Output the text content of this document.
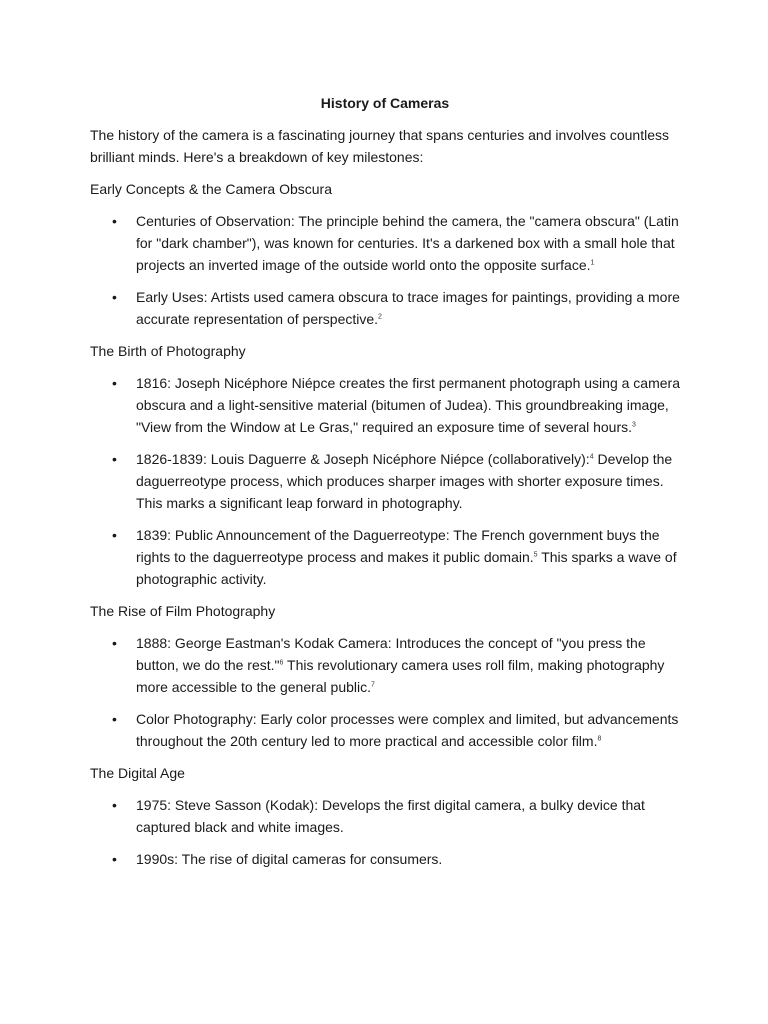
History of Cameras

The history of the camera is a fascinating journey that spans centuries and involves countless brilliant minds. Here's a breakdown of key milestones:

Early Concepts & the Camera Obscura

• Centuries of Observation: The principle behind the camera, the "camera obscura" (Latin for "dark chamber"), was known for centuries. It's a darkened box with a small hole that projects an inverted image of the outside world onto the opposite surface.$^1$
• Early Uses: Artists used camera obscura to trace images for paintings, providing a more accurate representation of perspective.$^2$

The Birth of Photography

• 1816: Joseph Nicéphore Niépce creates the first permanent photograph using a camera obscura and a light-sensitive material (bitumen of Judea). This groundbreaking image, "View from the Window at Le Gras," required an exposure time of several hours.$^3$
• 1826-1839: Louis Daguerre & Joseph Nicéphore Niépce (collaboratively):$^4$ Develop the daguerreotype process, which produces sharper images with shorter exposure times. This marks a significant leap forward in photography.
• 1839: Public Announcement of the Daguerreotype: The French government buys the rights to the daguerreotype process and makes it public domain.$^5$ This sparks a wave of photographic activity.

The Rise of Film Photography

• 1888: George Eastman's Kodak Camera: Introduces the concept of "you press the button, we do the rest."$^6$ This revolutionary camera uses roll film, making photography more accessible to the general public.$^7$
• Color Photography: Early color processes were complex and limited, but advancements throughout the 20th century led to more practical and accessible color film.$^8$

The Digital Age

• 1975: Steve Sasson (Kodak): Develops the first digital camera, a bulky device that captured black and white images.
• 1990s: The rise of digital cameras for consumers.
